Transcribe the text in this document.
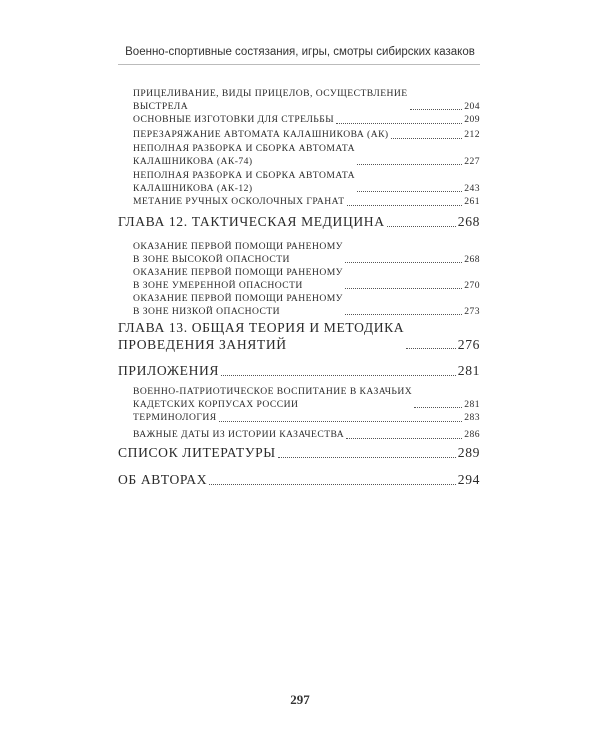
Военно-спортивные состязания, игры, смотры сибирских казаков
ПРИЦЕЛИВАНИЕ, ВИДЫ ПРИЦЕЛОВ, ОСУЩЕСТВЛЕНИЕ
ВЫСТРЕЛА	204
ОСНОВНЫЕ ИЗГОТОВКИ ДЛЯ СТРЕЛЬБЫ	209
ПЕРЕЗАРЯЖАНИЕ АВТОМАТА КАЛАШНИКОВА (АК)	212
НЕПОЛНАЯ РАЗБОРКА И СБОРКА АВТОМАТА
КАЛАШНИКОВА (АК-74)	227
НЕПОЛНАЯ РАЗБОРКА И СБОРКА АВТОМАТА
КАЛАШНИКОВА (АК-12)	243
МЕТАНИЕ РУЧНЫХ ОСКОЛОЧНЫХ ГРАНАТ	261
ГЛАВА 12. ТАКТИЧЕСКАЯ МЕДИЦИНА	268
ОКАЗАНИЕ ПЕРВОЙ ПОМОЩИ РАНЕНОМУ
В ЗОНЕ ВЫСОКОЙ ОПАСНОСТИ	268
ОКАЗАНИЕ ПЕРВОЙ ПОМОЩИ РАНЕНОМУ
В ЗОНЕ УМЕРЕННОЙ ОПАСНОСТИ	270
ОКАЗАНИЕ ПЕРВОЙ ПОМОЩИ РАНЕНОМУ
В ЗОНЕ НИЗКОЙ ОПАСНОСТИ	273
ГЛАВА 13. ОБЩАЯ ТЕОРИЯ И МЕТОДИКА
ПРОВЕДЕНИЯ ЗАНЯТИЙ	276
ПРИЛОЖЕНИЯ	281
ВОЕННО-ПАТРИОТИЧЕСКОЕ ВОСПИТАНИЕ В КАЗАЧЬИХ
КАДЕТСКИХ КОРПУСАХ РОССИИ	281
ТЕРМИНОЛОГИЯ	283
ВАЖНЫЕ ДАТЫ ИЗ ИСТОРИИ КАЗАЧЕСТВА	286
СПИСОК ЛИТЕРАТУРЫ	289
ОБ АВТОРАХ	294
297
